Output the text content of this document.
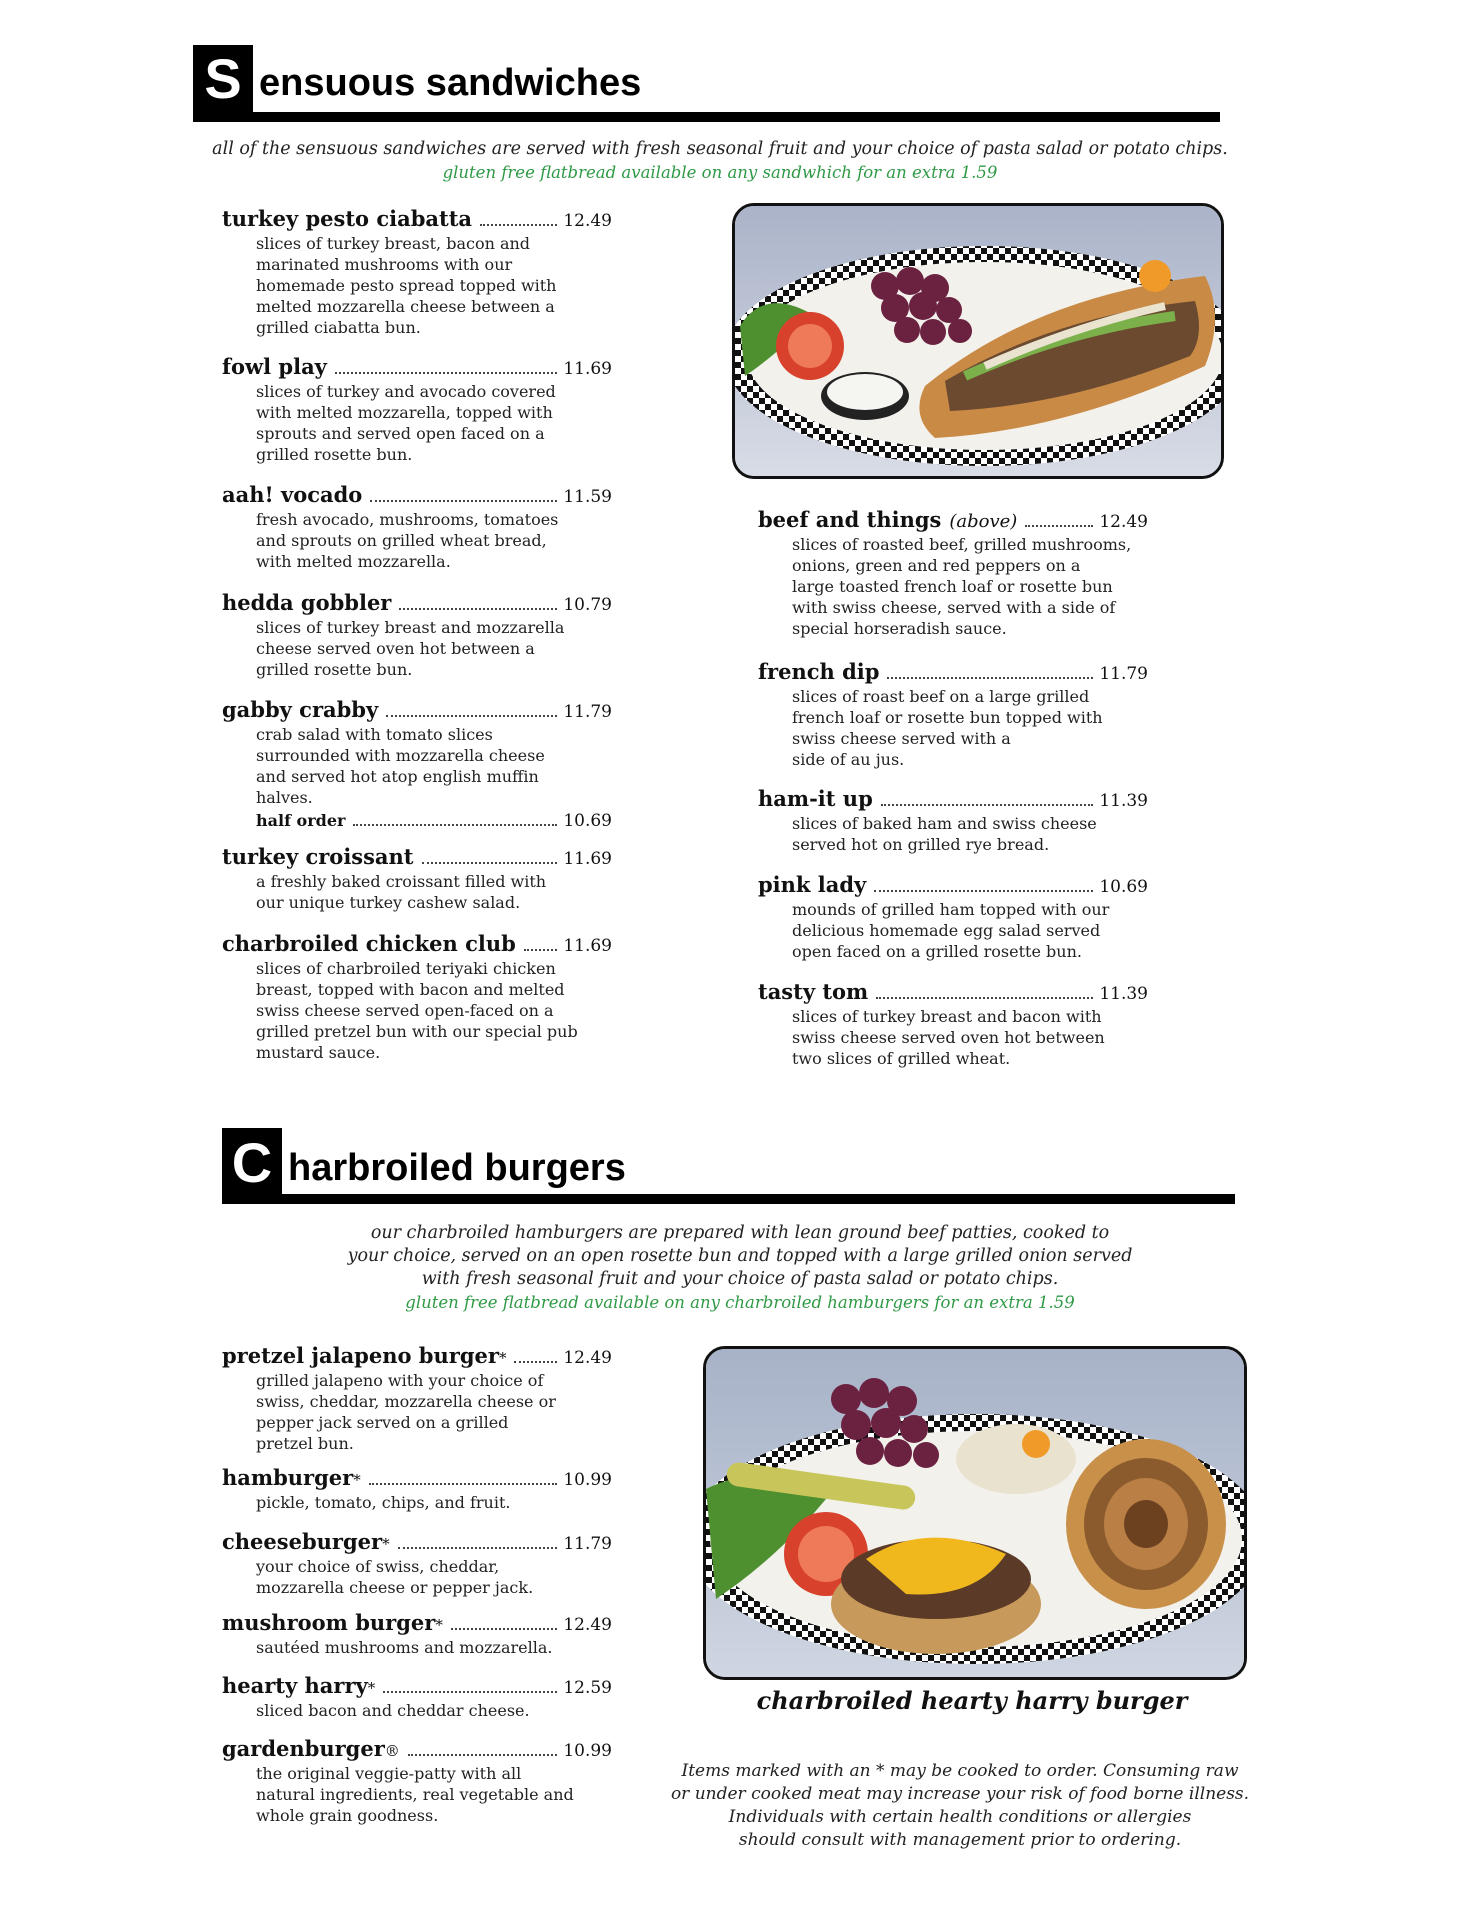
S ensuous sandwiches
all of the sensuous sandwiches are served with fresh seasonal fruit and your choice of pasta salad or potato chips.
gluten free flatbread available on any sandwhich for an extra 1.59
turkey pesto ciabatta	12.49
slices of turkey breast, bacon and
marinated mushrooms with our
homemade pesto spread topped with
melted mozzarella cheese between a
grilled ciabatta bun.
fowl play	11.69
slices of turkey and avocado covered
with melted mozzarella, topped with
sprouts and served open faced on a
grilled rosette bun.
aah! vocado	11.59
fresh avocado, mushrooms, tomatoes
and sprouts on grilled wheat bread,
with melted mozzarella.
hedda gobbler	10.79
slices of turkey breast and mozzarella
cheese served oven hot between a
grilled rosette bun.
gabby crabby	11.79
crab salad with tomato slices
surrounded with mozzarella cheese
and served hot atop english muffin
halves.
half order	10.69
turkey croissant	11.69
a freshly baked croissant filled with
our unique turkey cashew salad.
charbroiled chicken club	11.69
slices of charbroiled teriyaki chicken
breast, topped with bacon and melted
swiss cheese served open-faced on a
grilled pretzel bun with our special pub
mustard sauce.
beef and things (above)	12.49
slices of roasted beef, grilled mushrooms,
onions, green and red peppers on a
large toasted french loaf or rosette bun
with swiss cheese, served with a side of
special horseradish sauce.
french dip	11.79
slices of roast beef on a large grilled
french loaf or rosette bun topped with
swiss cheese served with a
side of au jus.
ham-it up	11.39
slices of baked ham and swiss cheese
served hot on grilled rye bread.
pink lady	10.69
mounds of grilled ham topped with our
delicious homemade egg salad served
open faced on a grilled rosette bun.
tasty tom	11.39
slices of turkey breast and bacon with
swiss cheese served oven hot between
two slices of grilled wheat.
C harbroiled burgers
our charbroiled hamburgers are prepared with lean ground beef patties, cooked to
your choice, served on an open rosette bun and topped with a large grilled onion served
with fresh seasonal fruit and your choice of pasta salad or potato chips.
gluten free flatbread available on any charbroiled hamburgers for an extra 1.59
pretzel jalapeno burger *	12.49
grilled jalapeno with your choice of
swiss, cheddar, mozzarella cheese or
pepper jack served on a grilled
pretzel bun.
hamburger *	10.99
pickle, tomato, chips, and fruit.
cheeseburger *	11.79
your choice of swiss, cheddar,
mozzarella cheese or pepper jack.
mushroom burger *	12.49
sautéed mushrooms and mozzarella.
hearty harry *	12.59
sliced bacon and cheddar cheese.
gardenburger ®	10.99
the original veggie-patty with all
natural ingredients, real vegetable and
whole grain goodness.
charbroiled hearty harry burger
Items marked with an * may be cooked to order. Consuming raw
or under cooked meat may increase your risk of food borne illness.
Individuals with certain health conditions or allergies
should consult with management prior to ordering.
